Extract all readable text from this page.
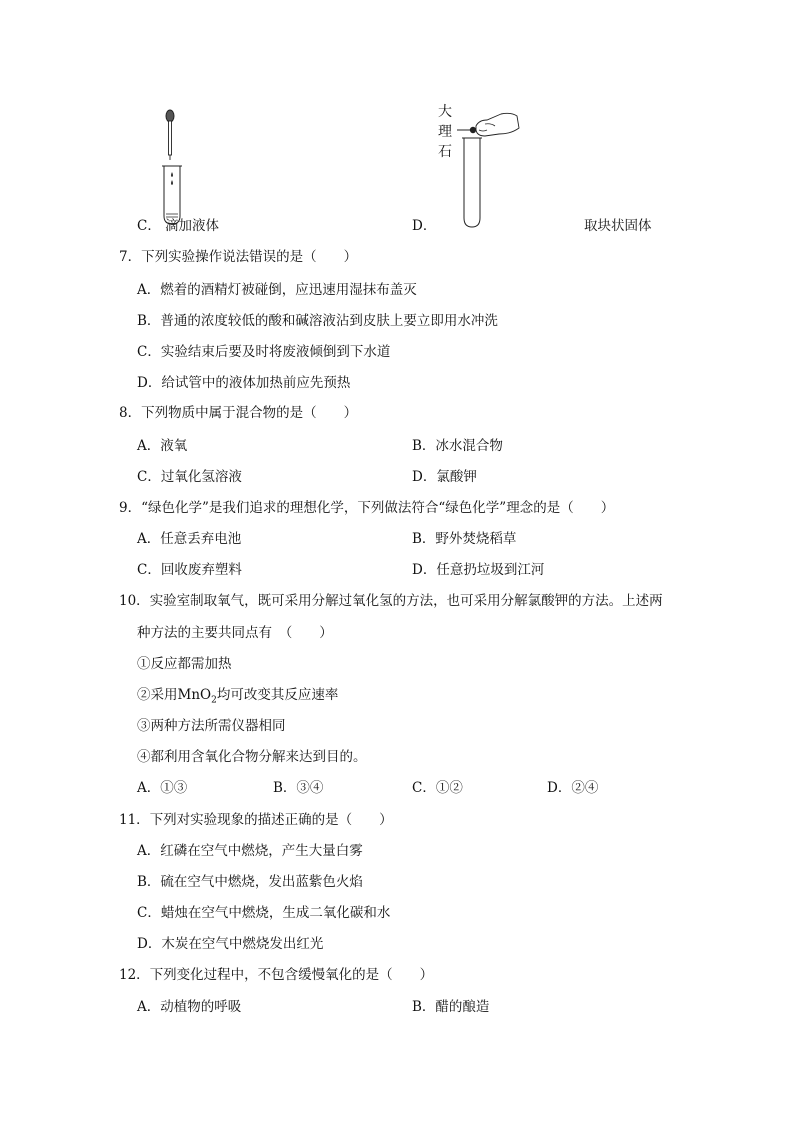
C． 滴加液体
大
理
石
D．	取块状固体
7．下列实验操作说法错误的是（　　）
A．燃着的酒精灯被碰倒，应迅速用湿抹布盖灭
B．普通的浓度较低的酸和碱溶液沾到皮肤上要立即用水冲洗
C．实验结束后要及时将废液倾倒到下水道
D．给试管中的液体加热前应先预热
8．下列物质中属于混合物的是（　　）
A．液氧	B．冰水混合物
C．过氧化氢溶液	D．氯酸钾
9．“绿色化学”是我们追求的理想化学，下列做法符合“绿色化学”理念的是（　　）
A．任意丢弃电池	B．野外焚烧稻草
C．回收废弃塑料	D．任意扔垃圾到江河
10．实验室制取氧气，既可采用分解过氧化氢的方法，也可采用分解氯酸钾的方法。上述两
种方法的主要共同点有　（　　）
①反应都需加热
②采用MnO$_2$均可改变其反应速率
③两种方法所需仪器相同
④都利用含氧化合物分解来达到目的。
A．①③	B．③④	C．①②	D．②④
11．下列对实验现象的描述正确的是（　　）
A．红磷在空气中燃烧，产生大量白雾
B．硫在空气中燃烧，发出蓝紫色火焰
C．蜡烛在空气中燃烧，生成二氧化碳和水
D．木炭在空气中燃烧发出红光
12．下列变化过程中，不包含缓慢氧化的是（　　）
A．动植物的呼吸	B．醋的酿造
